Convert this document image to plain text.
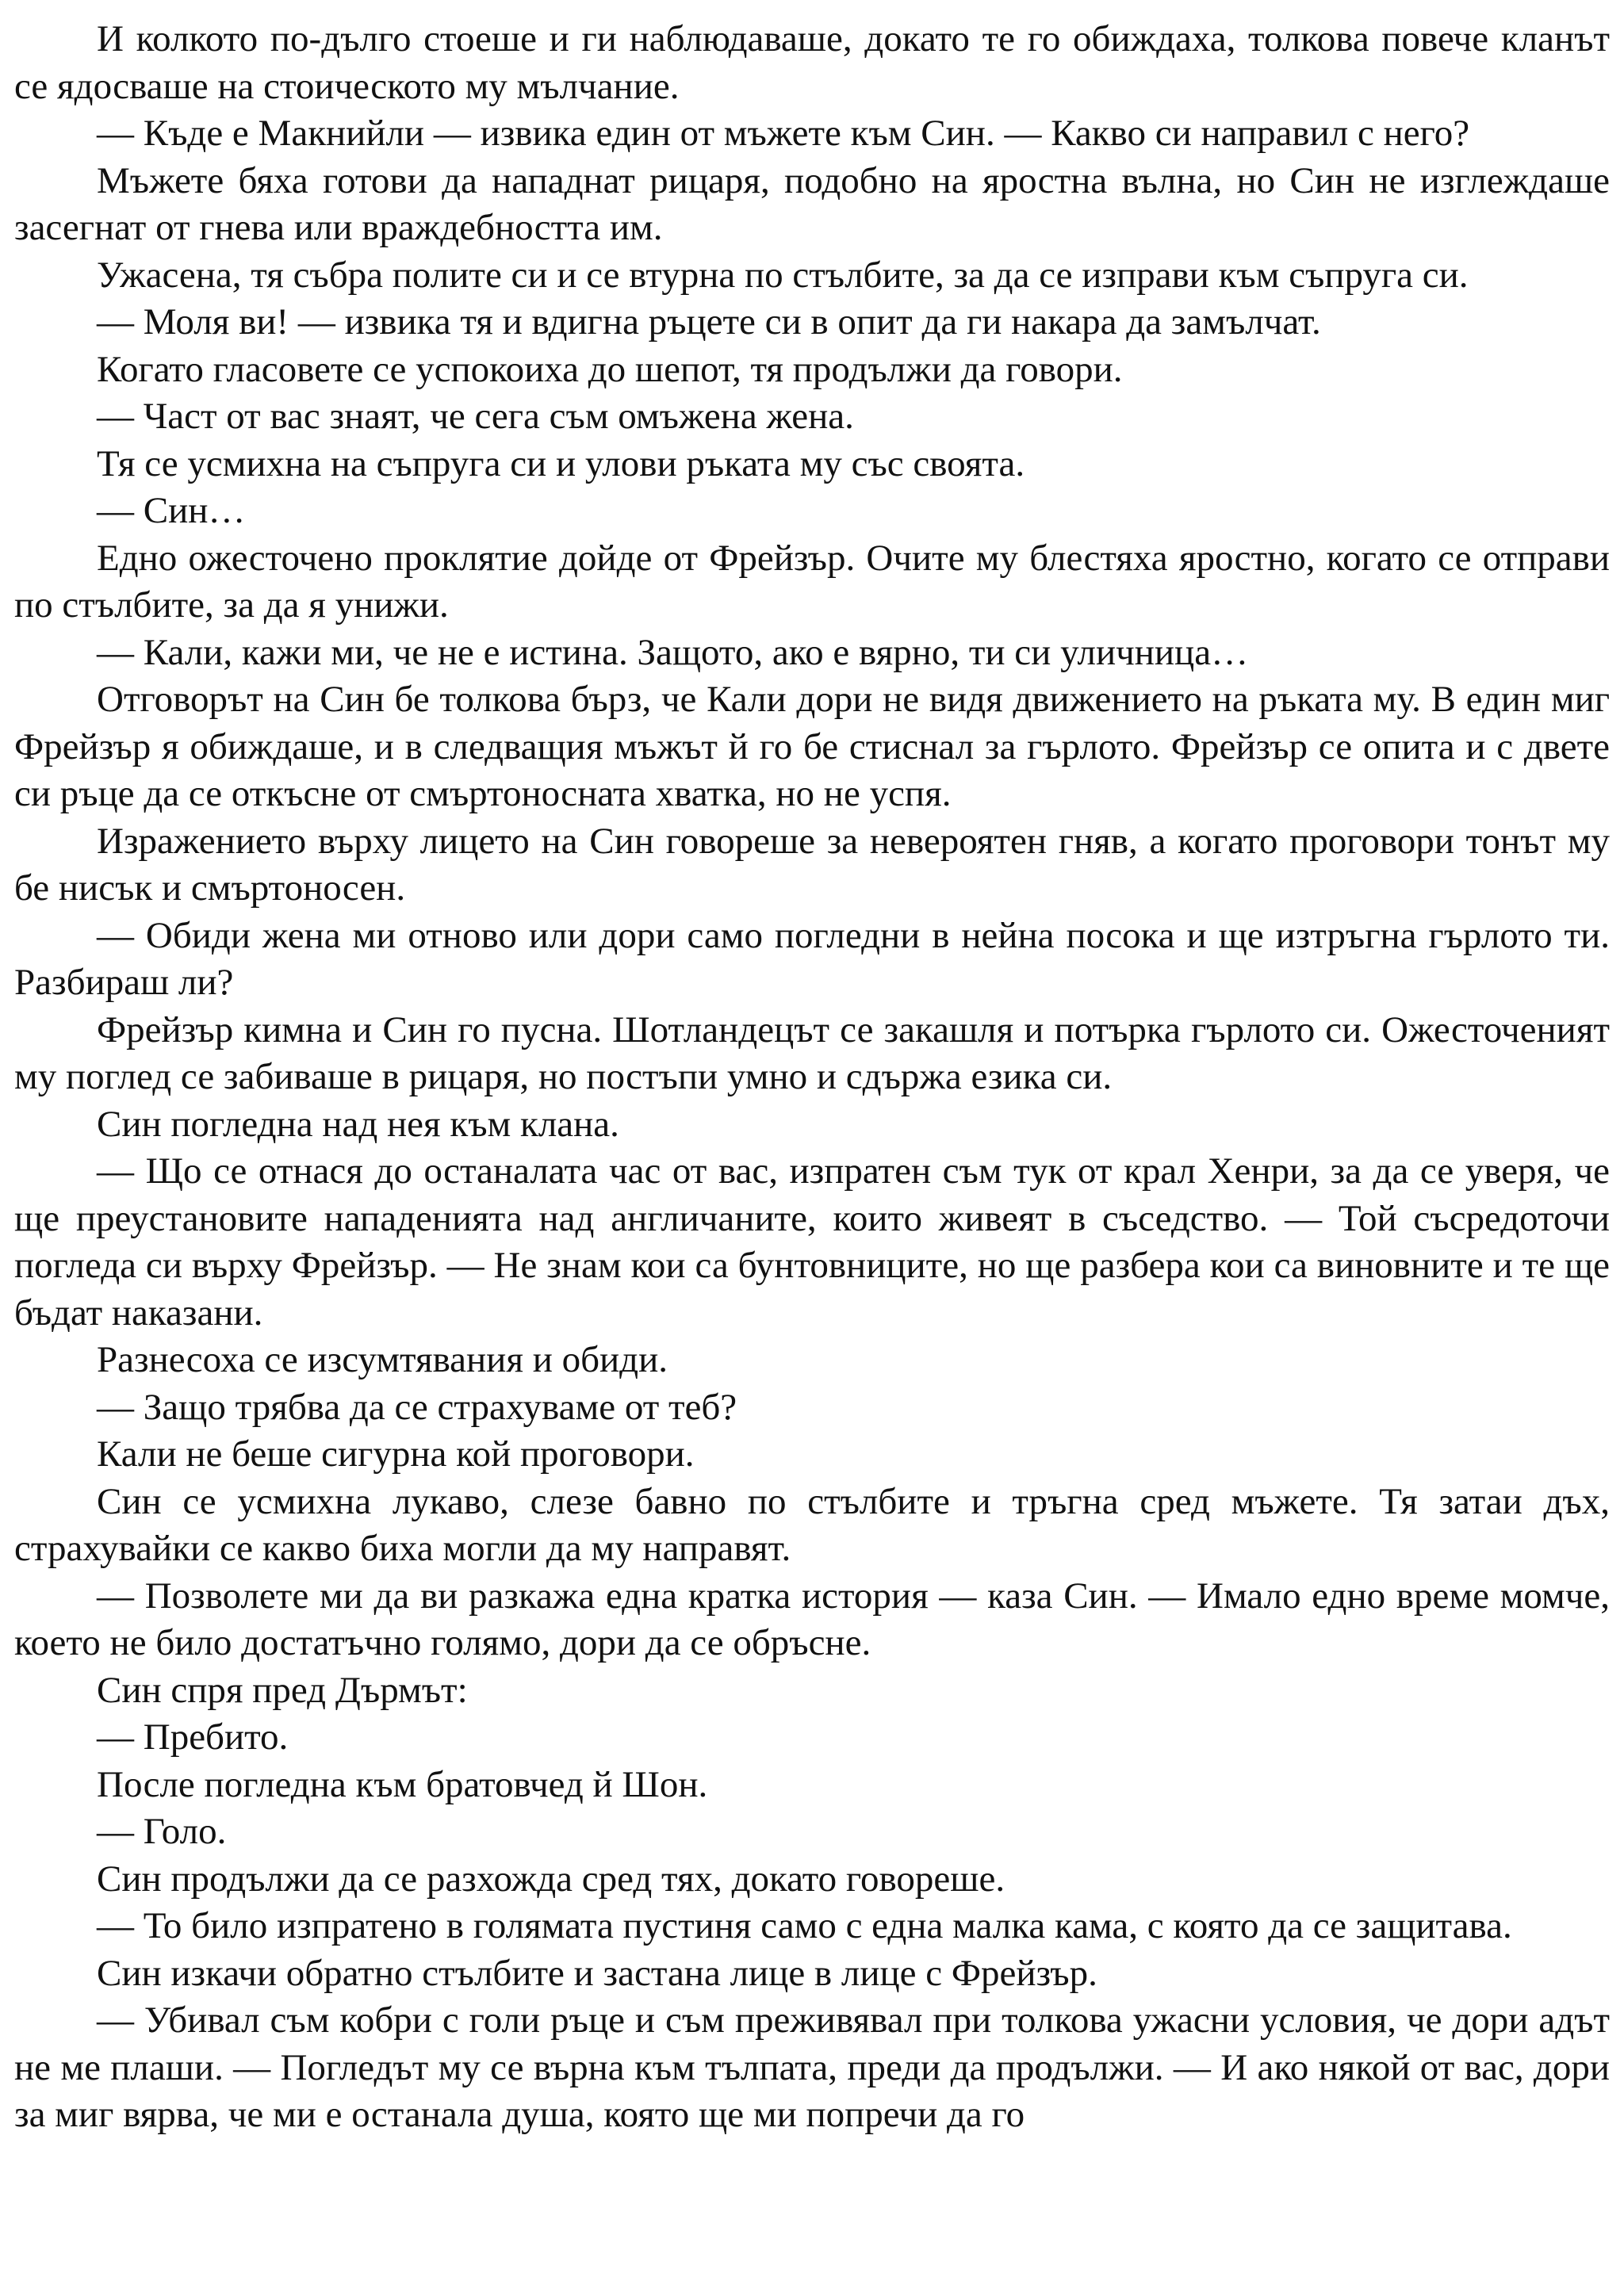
И колкото по-дълго стоеше и ги наблюдаваше, докато те го обиждаха, толкова повече кланът се ядосваше на стоическото му мълчание.

— Къде е Макнийли — извика един от мъжете към Син. — Какво си направил с него?

Мъжете бяха готови да нападнат рицаря, подобно на яростна вълна, но Син не изглеждаше засегнат от гнева или враждебността им.

Ужасена, тя събра полите си и се втурна по стълбите, за да се изправи към съпруга си.

— Моля ви! — извика тя и вдигна ръцете си в опит да ги накара да замълчат.

Когато гласовете се успокоиха до шепот, тя продължи да говори.

— Част от вас знаят, че сега съм омъжена жена.

Тя се усмихна на съпруга си и улови ръката му със своята.

— Син…

Едно ожесточено проклятие дойде от Фрейзър. Очите му блестяха яростно, когато се отправи по стълбите, за да я унижи.

— Кали, кажи ми, че не е истина. Защото, ако е вярно, ти си уличница…

Отговорът на Син бе толкова бърз, че Кали дори не видя движението на ръката му. В един миг Фрейзър я обиждаше, и в следващия мъжът й го бе стиснал за гърлото. Фрейзър се опита и с двете си ръце да се откъсне от смъртоносната хватка, но не успя.

Изражението върху лицето на Син говореше за невероятен гняв, а когато проговори тонът му бе нисък и смъртоносен.

— Обиди жена ми отново или дори само погледни в нейна посока и ще изтръгна гърлото ти. Разбираш ли?

Фрейзър кимна и Син го пусна. Шотландецът се закашля и потърка гърлото си. Ожесточеният му поглед се забиваше в рицаря, но постъпи умно и сдържа езика си.

Син погледна над нея към клана.

— Що се отнася до останалата час от вас, изпратен съм тук от крал Хенри, за да се уверя, че ще преустановите нападенията над англичаните, които живеят в съседство. — Той съсредоточи погледа си върху Фрейзър. — Не знам кои са бунтовниците, но ще разбера кои са виновните и те ще бъдат наказани.

Разнесоха се изсумтявания и обиди.

— Защо трябва да се страхуваме от теб?

Кали не беше сигурна кой проговори.

Син се усмихна лукаво, слезе бавно по стълбите и тръгна сред мъжете. Тя затаи дъх, страхувайки се какво биха могли да му направят.

— Позволете ми да ви разкажа една кратка история — каза Син. — Имало едно време момче, което не било достатъчно голямо, дори да се обръсне.

Син спря пред Дърмът:

— Пребито.

После погледна към братовчед й Шон.

— Голо.

Син продължи да се разхожда сред тях, докато говореше.

— То било изпратено в голямата пустиня само с една малка кама, с която да се защитава.

Син изкачи обратно стълбите и застана лице в лице с Фрейзър.

— Убивал съм кобри с голи ръце и съм преживявал при толкова ужасни условия, че дори адът не ме плаши. — Погледът му се върна към тълпата, преди да продължи. — И ако някой от вас, дори за миг вярва, че ми е останала душа, която ще ми попречи да го
